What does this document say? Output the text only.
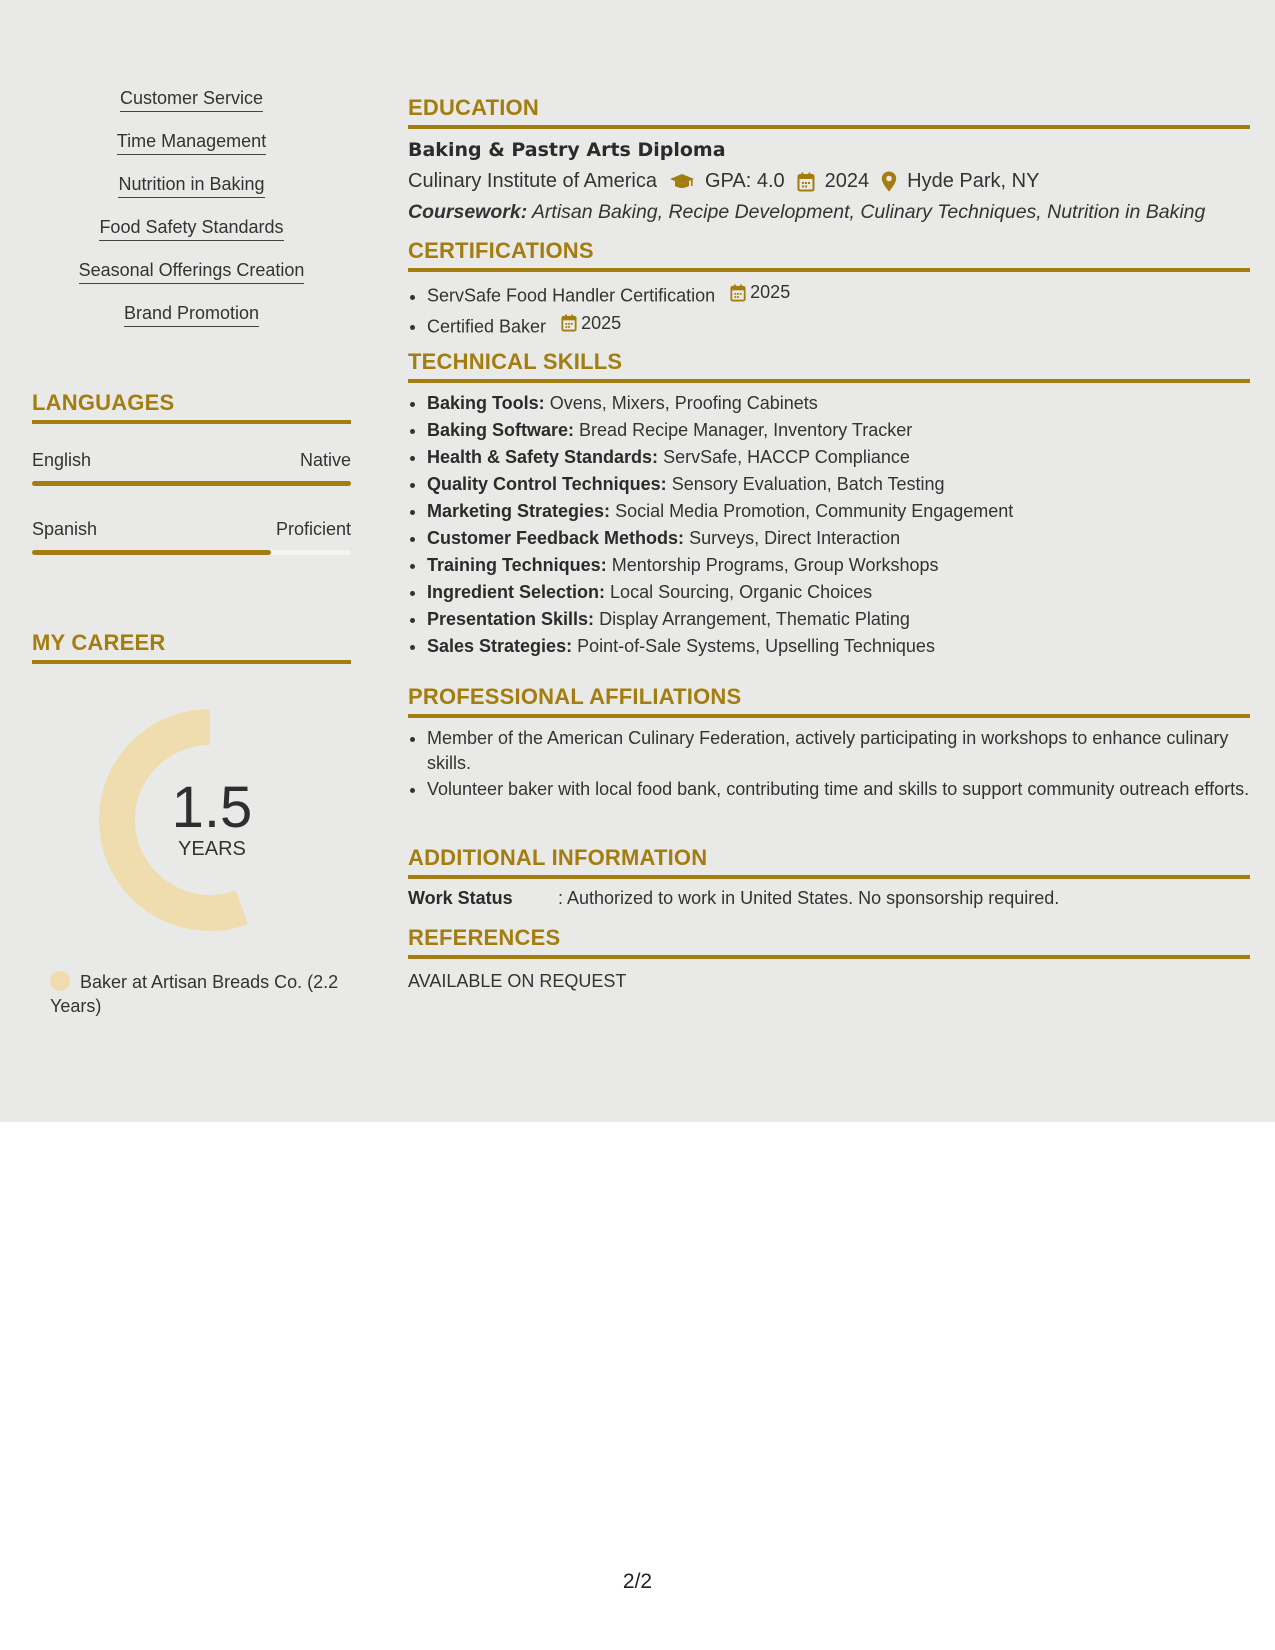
Customer Service
Time Management
Nutrition in Baking
Food Safety Standards
Seasonal Offerings Creation
Brand Promotion
LANGUAGES
English	Native
Spanish	Proficient
MY CAREER
1.5
YEARS
Baker at Artisan Breads Co. (2.2 Years)
EDUCATION
Baking & Pastry Arts Diploma
Culinary Institute of America GPA: 4.0 2024 Hyde Park, NY
Coursework: Artisan Baking, Recipe Development, Culinary Techniques, Nutrition in Baking
CERTIFICATIONS
• ServSafe Food Handler Certification 2025
• Certified Baker 2025
TECHNICAL SKILLS
• Baking Tools: Ovens, Mixers, Proofing Cabinets
• Baking Software: Bread Recipe Manager, Inventory Tracker
• Health & Safety Standards: ServSafe, HACCP Compliance
• Quality Control Techniques: Sensory Evaluation, Batch Testing
• Marketing Strategies: Social Media Promotion, Community Engagement
• Customer Feedback Methods: Surveys, Direct Interaction
• Training Techniques: Mentorship Programs, Group Workshops
• Ingredient Selection: Local Sourcing, Organic Choices
• Presentation Skills: Display Arrangement, Thematic Plating
• Sales Strategies: Point-of-Sale Systems, Upselling Techniques
PROFESSIONAL AFFILIATIONS
• Member of the American Culinary Federation, actively participating in workshops to enhance culinary skills.
• Volunteer baker with local food bank, contributing time and skills to support community outreach efforts.
ADDITIONAL INFORMATION
Work Status	: Authorized to work in United States. No sponsorship required.
REFERENCES
AVAILABLE ON REQUEST
2/2
